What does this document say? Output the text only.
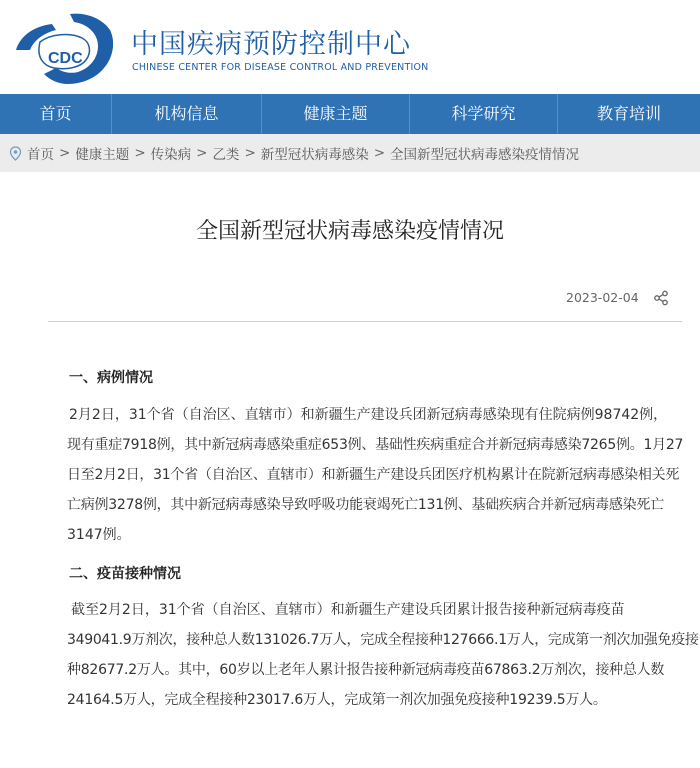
CDC 中国疾病预防控制中心
CHINESE CENTER FOR DISEASE CONTROL AND PREVENTION
首页	机构信息	健康主题	科学研究	教育培训
首页 > 健康主题 > 传染病 > 乙类 > 新型冠状病毒感染 > 全国新型冠状病毒感染疫情情况
全国新型冠状病毒感染疫情情况
2023-02-04
一、病例情况
2月2日，31个省（自治区、直辖市）和新疆生产建设兵团新冠病毒感染现有住院病例98742例，
现有重症7918例，其中新冠病毒感染重症653例、基础性疾病重症合并新冠病毒感染7265例。1月27
日至2月2日，31个省（自治区、直辖市）和新疆生产建设兵团医疗机构累计在院新冠病毒感染相关死
亡病例3278例，其中新冠病毒感染导致呼吸功能衰竭死亡131例、基础疾病合并新冠病毒感染死亡
3147例。
二、疫苗接种情况
截至2月2日，31个省（自治区、直辖市）和新疆生产建设兵团累计报告接种新冠病毒疫苗
349041.9万剂次，接种总人数131026.7万人，完成全程接种127666.1万人，完成第一剂次加强免疫接
种82677.2万人。其中，60岁以上老年人累计报告接种新冠病毒疫苗67863.2万剂次，接种总人数
24164.5万人，完成全程接种23017.6万人，完成第一剂次加强免疫接种19239.5万人。
